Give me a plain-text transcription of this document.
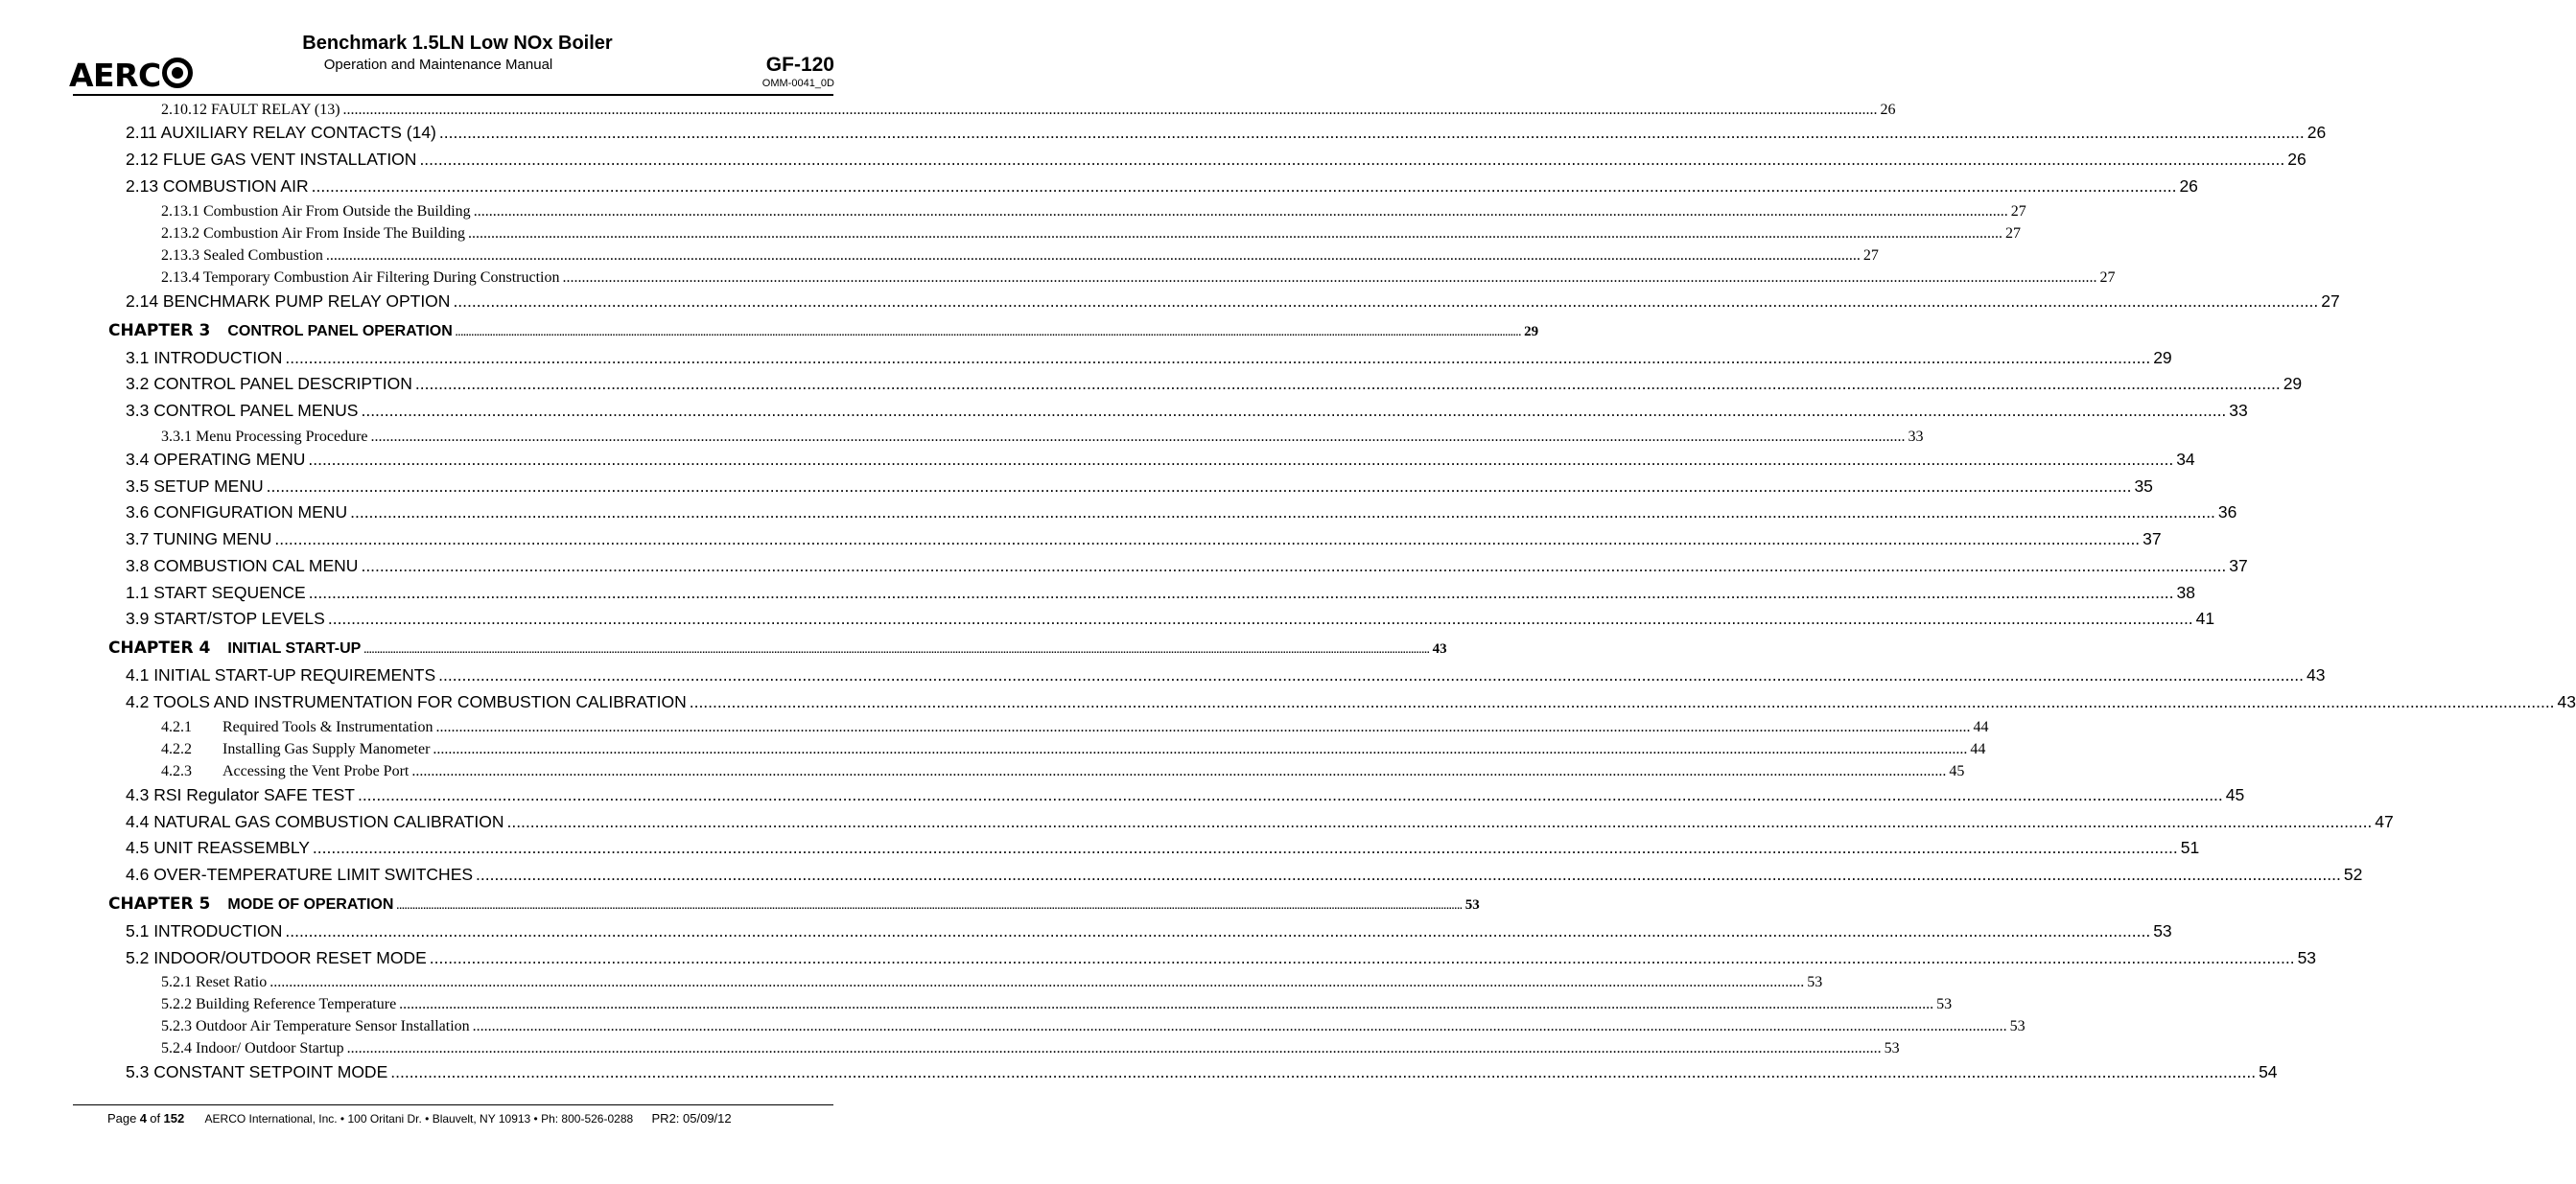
AERC
Benchmark 1.5LN Low NOx Boiler
Operation and Maintenance Manual	GF-120
OMM-0041_0D
2.10.12 FAULT RELAY (13) ................................................................................................................................................................................................................................................................................................................................................................................................................ 26
2.11 AUXILIARY RELAY CONTACTS (14) ................................................................................................................................................................................................................................................................................................................................................................................................................ 26
2.12 FLUE GAS VENT INSTALLATION ................................................................................................................................................................................................................................................................................................................................................................................................................ 26
2.13 COMBUSTION AIR ................................................................................................................................................................................................................................................................................................................................................................................................................ 26
2.13.1 Combustion Air From Outside the Building ................................................................................................................................................................................................................................................................................................................................................................................................................ 27
2.13.2 Combustion Air From Inside The Building ................................................................................................................................................................................................................................................................................................................................................................................................................ 27
2.13.3 Sealed Combustion ................................................................................................................................................................................................................................................................................................................................................................................................................ 27
2.13.4 Temporary Combustion Air Filtering During Construction ................................................................................................................................................................................................................................................................................................................................................................................................................ 27
2.14 BENCHMARK PUMP RELAY OPTION ................................................................................................................................................................................................................................................................................................................................................................................................................ 27
CHAPTER 3 CONTROL PANEL OPERATION ................................................................................................................................................................................................................................................................................................................................................................................................................ 29
3.1 INTRODUCTION ................................................................................................................................................................................................................................................................................................................................................................................................................ 29
3.2 CONTROL PANEL DESCRIPTION ................................................................................................................................................................................................................................................................................................................................................................................................................ 29
3.3 CONTROL PANEL MENUS ................................................................................................................................................................................................................................................................................................................................................................................................................ 33
3.3.1 Menu Processing Procedure ................................................................................................................................................................................................................................................................................................................................................................................................................ 33
3.4 OPERATING MENU ................................................................................................................................................................................................................................................................................................................................................................................................................ 34
3.5 SETUP MENU ................................................................................................................................................................................................................................................................................................................................................................................................................ 35
3.6 CONFIGURATION MENU ................................................................................................................................................................................................................................................................................................................................................................................................................ 36
3.7 TUNING MENU ................................................................................................................................................................................................................................................................................................................................................................................................................ 37
3.8 COMBUSTION CAL MENU ................................................................................................................................................................................................................................................................................................................................................................................................................ 37
1.1 START SEQUENCE ................................................................................................................................................................................................................................................................................................................................................................................................................ 38
3.9 START/STOP LEVELS ................................................................................................................................................................................................................................................................................................................................................................................................................ 41
CHAPTER 4 INITIAL START-UP ................................................................................................................................................................................................................................................................................................................................................................................................................ 43
4.1 INITIAL START-UP REQUIREMENTS ................................................................................................................................................................................................................................................................................................................................................................................................................ 43
4.2 TOOLS AND INSTRUMENTATION FOR COMBUSTION CALIBRATION ................................................................................................................................................................................................................................................................................................................................................................................................................ 43
4.2.1 Required Tools & Instrumentation ................................................................................................................................................................................................................................................................................................................................................................................................................ 44
4.2.2 Installing Gas Supply Manometer ................................................................................................................................................................................................................................................................................................................................................................................................................ 44
4.2.3 Accessing the Vent Probe Port ................................................................................................................................................................................................................................................................................................................................................................................................................ 45
4.3 RSI Regulator SAFE TEST ................................................................................................................................................................................................................................................................................................................................................................................................................ 45
4.4 NATURAL GAS COMBUSTION CALIBRATION ................................................................................................................................................................................................................................................................................................................................................................................................................ 47
4.5 UNIT REASSEMBLY ................................................................................................................................................................................................................................................................................................................................................................................................................ 51
4.6 OVER-TEMPERATURE LIMIT SWITCHES ................................................................................................................................................................................................................................................................................................................................................................................................................ 52
CHAPTER 5 MODE OF OPERATION ................................................................................................................................................................................................................................................................................................................................................................................................................ 53
5.1 INTRODUCTION ................................................................................................................................................................................................................................................................................................................................................................................................................ 53
5.2 INDOOR/OUTDOOR RESET MODE ................................................................................................................................................................................................................................................................................................................................................................................................................ 53
5.2.1 Reset Ratio ................................................................................................................................................................................................................................................................................................................................................................................................................ 53
5.2.2 Building Reference Temperature ................................................................................................................................................................................................................................................................................................................................................................................................................ 53
5.2.3 Outdoor Air Temperature Sensor Installation ................................................................................................................................................................................................................................................................................................................................................................................................................ 53
5.2.4 Indoor/ Outdoor Startup ................................................................................................................................................................................................................................................................................................................................................................................................................ 53
5.3 CONSTANT SETPOINT MODE ................................................................................................................................................................................................................................................................................................................................................................................................................ 54
Page 4 of 152 AERCO International, Inc. • 100 Oritani Dr. • Blauvelt, NY 10913 • Ph: 800-526-0288 PR2: 05/09/12
